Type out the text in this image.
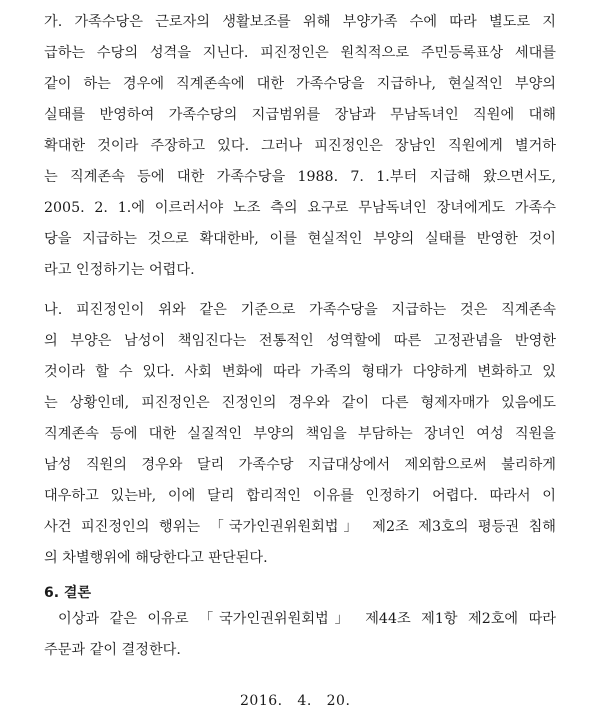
가. 가족수당은 근로자의 생활보조를 위해 부양가족 수에 따라 별도로 지
급하는 수당의 성격을 지닌다. 피진정인은 원칙적으로 주민등록표상 세대를
같이 하는 경우에 직계존속에 대한 가족수당을 지급하나, 현실적인 부양의
실태를 반영하여 가족수당의 지급범위를 장남과 무남독녀인 직원에 대해
확대한 것이라 주장하고 있다. 그러나 피진정인은 장남인 직원에게 별거하
는 직계존속 등에 대한 가족수당을 1988. 7. 1.부터 지급해 왔으면서도,
2005. 2. 1.에 이르러서야 노조 측의 요구로 무남독녀인 장녀에게도 가족수
당을 지급하는 것으로 확대한바, 이를 현실적인 부양의 실태를 반영한 것이
라고 인정하기는 어렵다.
나. 피진정인이 위와 같은 기준으로 가족수당을 지급하는 것은 직계존속
의 부양은 남성이 책임진다는 전통적인 성역할에 따른 고정관념을 반영한
것이라 할 수 있다. 사회 변화에 따라 가족의 형태가 다양하게 변화하고 있
는 상황인데, 피진정인은 진정인의 경우와 같이 다른 형제자매가 있음에도
직계존속 등에 대한 실질적인 부양의 책임을 부담하는 장녀인 여성 직원을
남성 직원의 경우와 달리 가족수당 지급대상에서 제외함으로써 불리하게
대우하고 있는바, 이에 달리 합리적인 이유를 인정하기 어렵다. 따라서 이
사건 피진정인의 행위는 「국가인권위원회법」 제2조 제3호의 평등권 침해
의 차별행위에 해당한다고 판단된다.

6. 결론

이상과 같은 이유로 「국가인권위원회법」 제44조 제1항 제2호에 따라
주문과 같이 결정한다.

2016.   4.   20.
